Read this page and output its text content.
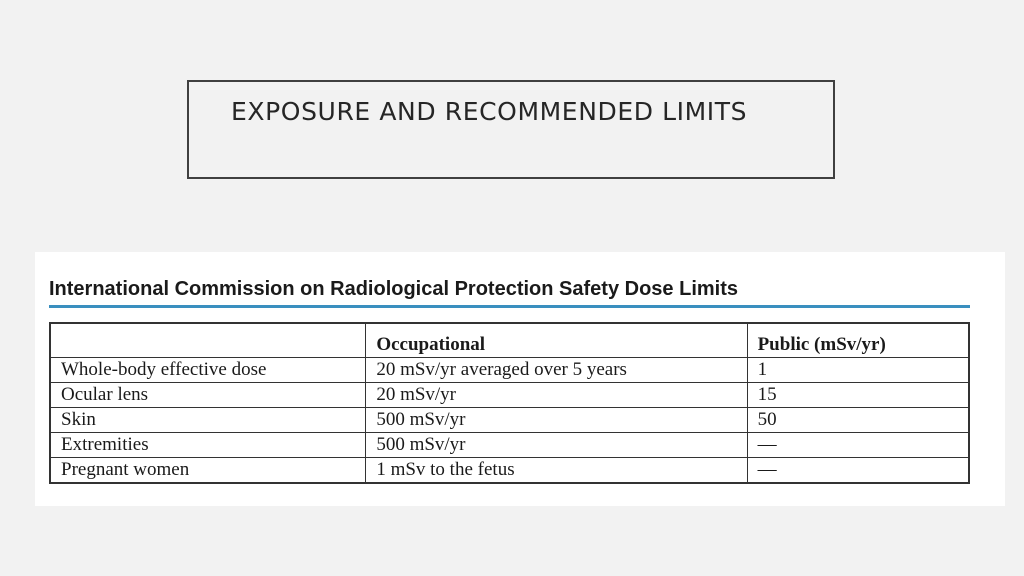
EXPOSURE AND RECOMMENDED LIMITS
International Commission on Radiological Protection Safety Dose Limits
	Occupational	Public (mSv/yr)
Whole-body effective dose	20 mSv/yr averaged over 5 years	1
Ocular lens	20 mSv/yr	15
Skin	500 mSv/yr	50
Extremities	500 mSv/yr	—
Pregnant women	1 mSv to the fetus	—
